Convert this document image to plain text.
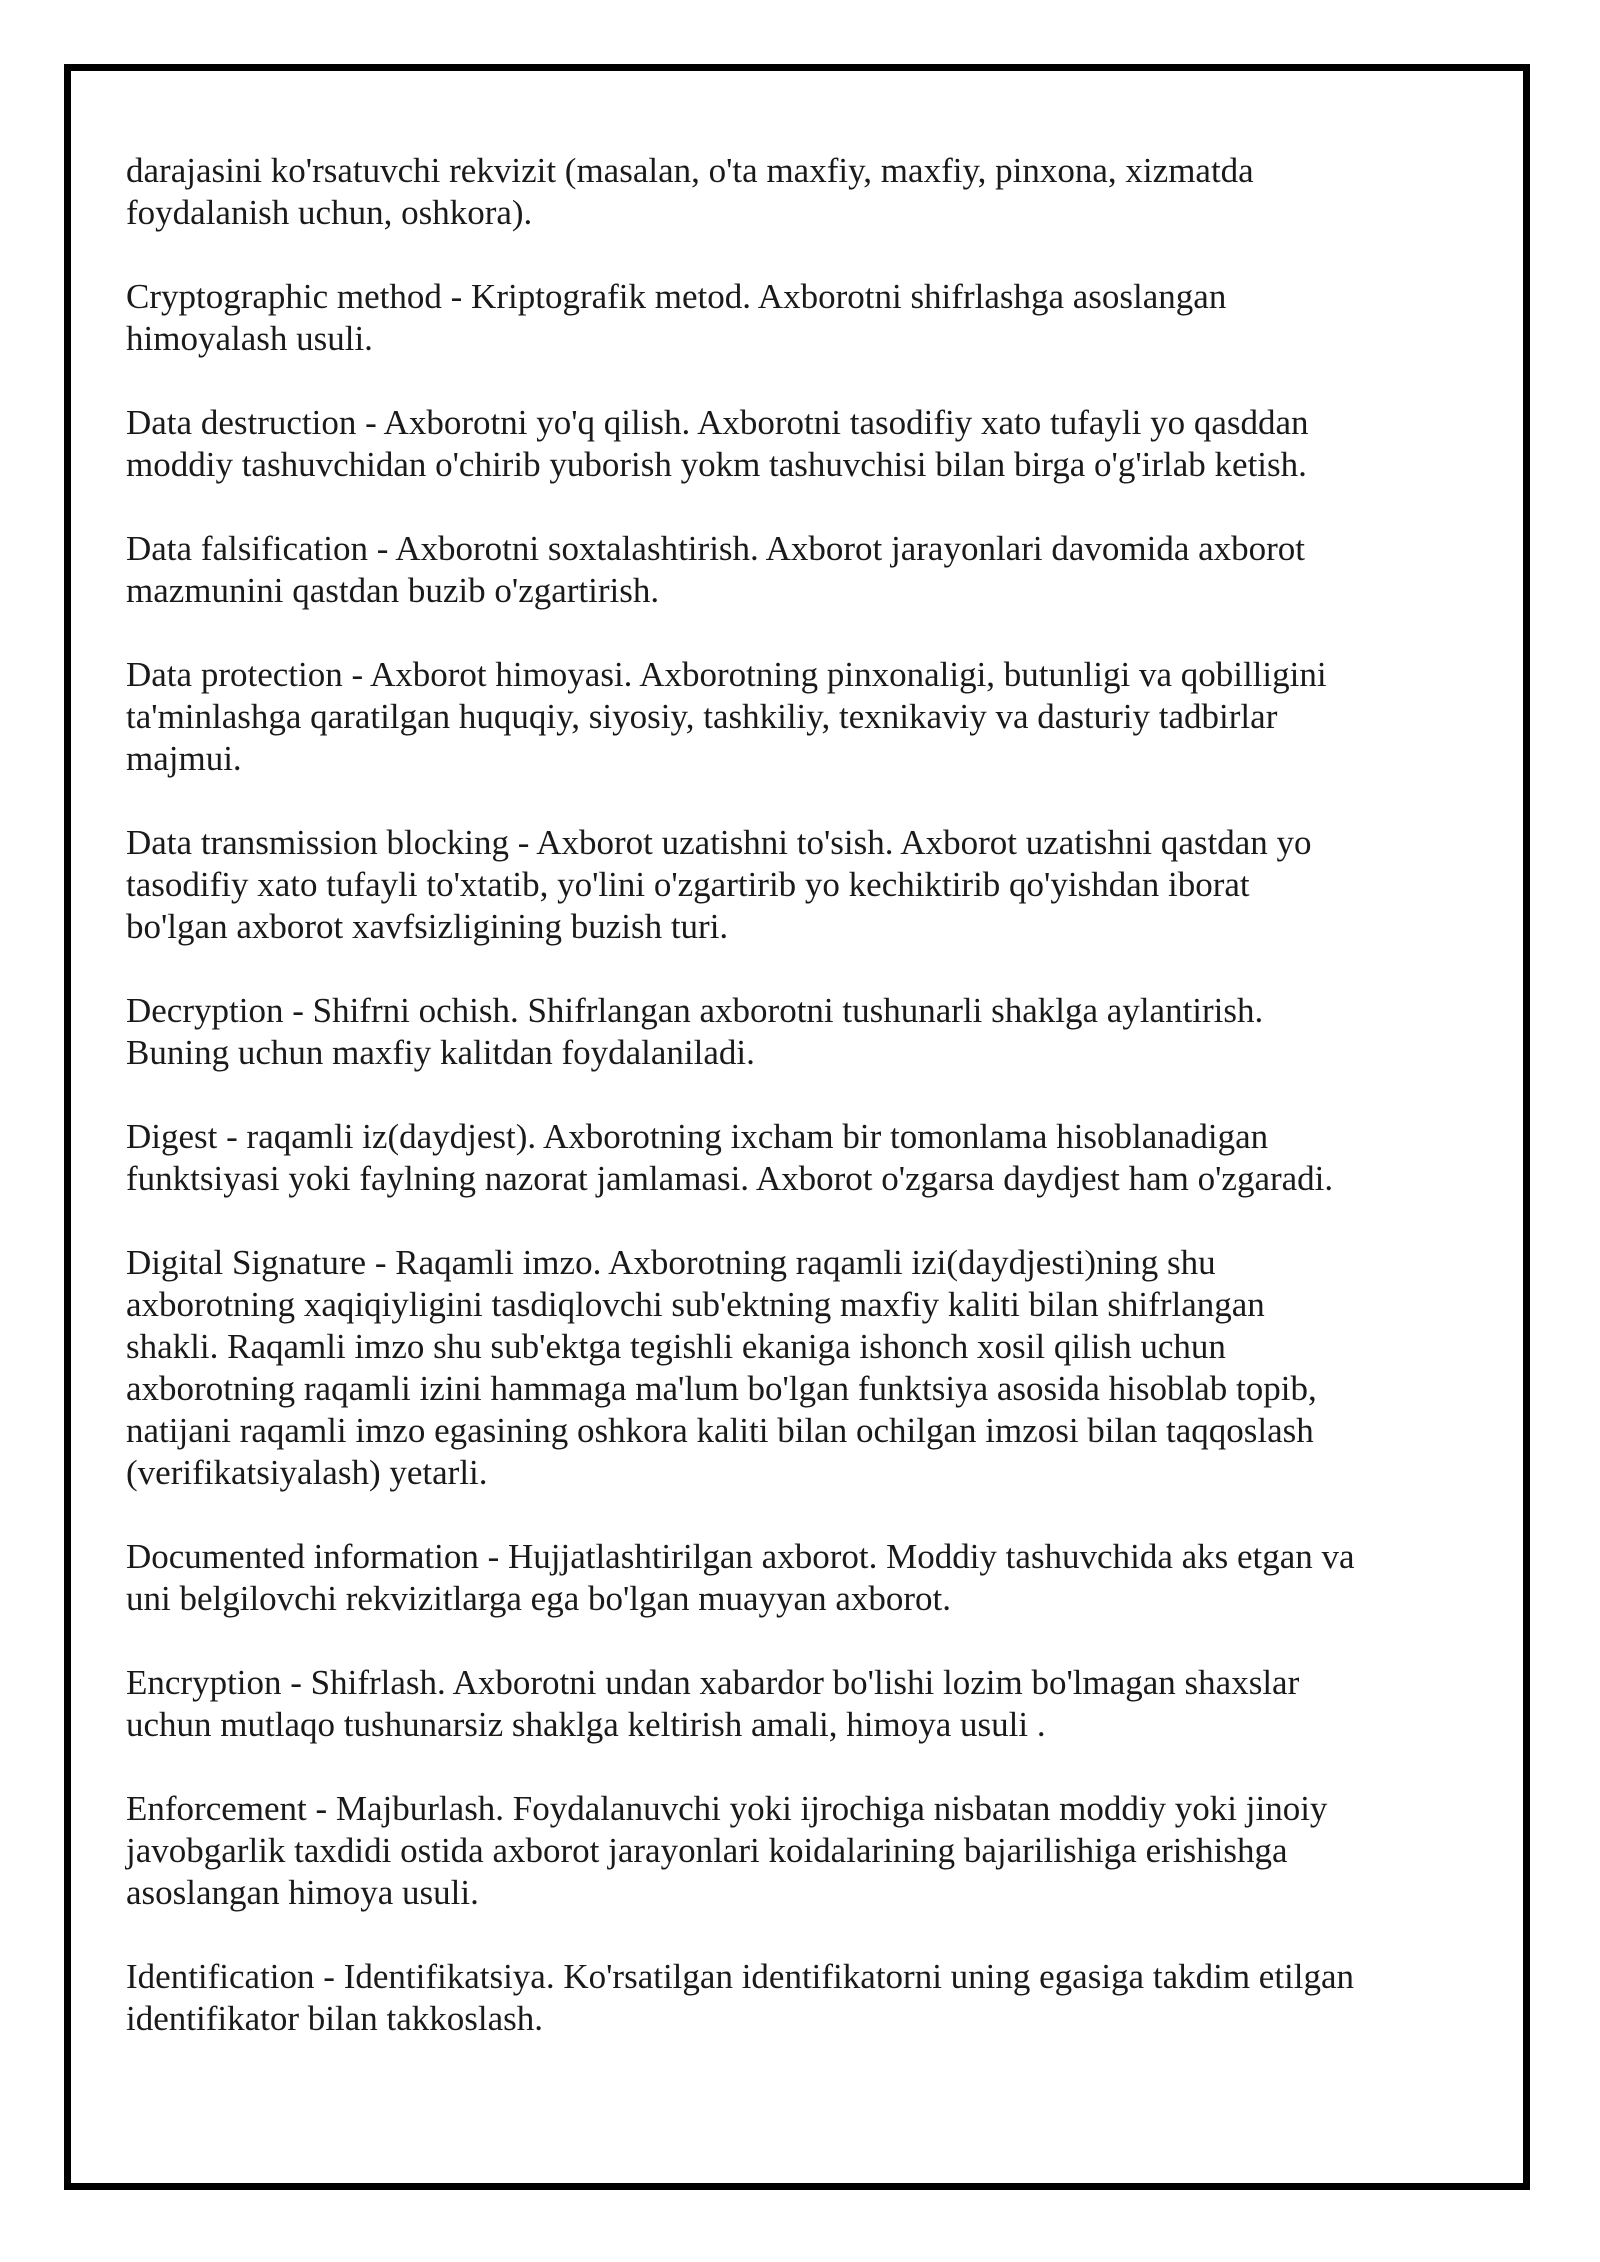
darajasini ko'rsatuvchi rekvizit (masalan, o'ta maxfiy, maxfiy, pinxona, xizmatda
foydalanish uchun, oshkora).

Cryptographic method - Kriptografik metod. Axborotni shifrlashga asoslangan
himoyalash usuli.

Data destruction - Axborotni yo'q qilish. Axborotni tasodifiy xato tufayli yo qasddan
moddiy tashuvchidan o'chirib yuborish yokm tashuvchisi bilan birga o'g'irlab ketish.

Data falsification - Axborotni soxtalashtirish. Axborot jarayonlari davomida axborot
mazmunini qastdan buzib o'zgartirish.

Data protection - Axborot himoyasi. Axborotning pinxonaligi, butunligi va qobilligini
ta'minlashga qaratilgan huquqiy, siyosiy, tashkiliy, texnikaviy va dasturiy tadbirlar
majmui.

Data transmission blocking - Axborot uzatishni to'sish. Axborot uzatishni qastdan yo
tasodifiy xato tufayli to'xtatib, yo'lini o'zgartirib yo kechiktirib qo'yishdan iborat
bo'lgan axborot xavfsizligining buzish turi.

Decryption - Shifrni ochish. Shifrlangan axborotni tushunarli shaklga aylantirish.
Buning uchun maxfiy kalitdan foydalaniladi.

Digest - raqamli iz(daydjest). Axborotning ixcham bir tomonlama hisoblanadigan
funktsiyasi yoki faylning nazorat jamlamasi. Axborot o'zgarsa daydjest ham o'zgaradi.

Digital Signature - Raqamli imzo. Axborotning raqamli izi(daydjesti)ning shu
axborotning xaqiqiyligini tasdiqlovchi sub'ektning maxfiy kaliti bilan shifrlangan
shakli. Raqamli imzo shu sub'ektga tegishli ekaniga ishonch xosil qilish uchun
axborotning raqamli izini hammaga ma'lum bo'lgan funktsiya asosida hisoblab topib,
natijani raqamli imzo egasining oshkora kaliti bilan ochilgan imzosi bilan taqqoslash
(verifikatsiyalash) yetarli.

Documented information - Hujjatlashtirilgan axborot. Moddiy tashuvchida aks etgan va
uni belgilovchi rekvizitlarga ega bo'lgan muayyan axborot.

Encryption - Shifrlash. Axborotni undan xabardor bo'lishi lozim bo'lmagan shaxslar
uchun mutlaqo tushunarsiz shaklga keltirish amali, himoya usuli .

Enforcement - Majburlash. Foydalanuvchi yoki ijrochiga nisbatan moddiy yoki jinoiy
javobgarlik taxdidi ostida axborot jarayonlari koidalarining bajarilishiga erishishga
asoslangan himoya usuli.

Identification - Identifikatsiya. Ko'rsatilgan identifikatorni uning egasiga takdim etilgan
identifikator bilan takkoslash.
